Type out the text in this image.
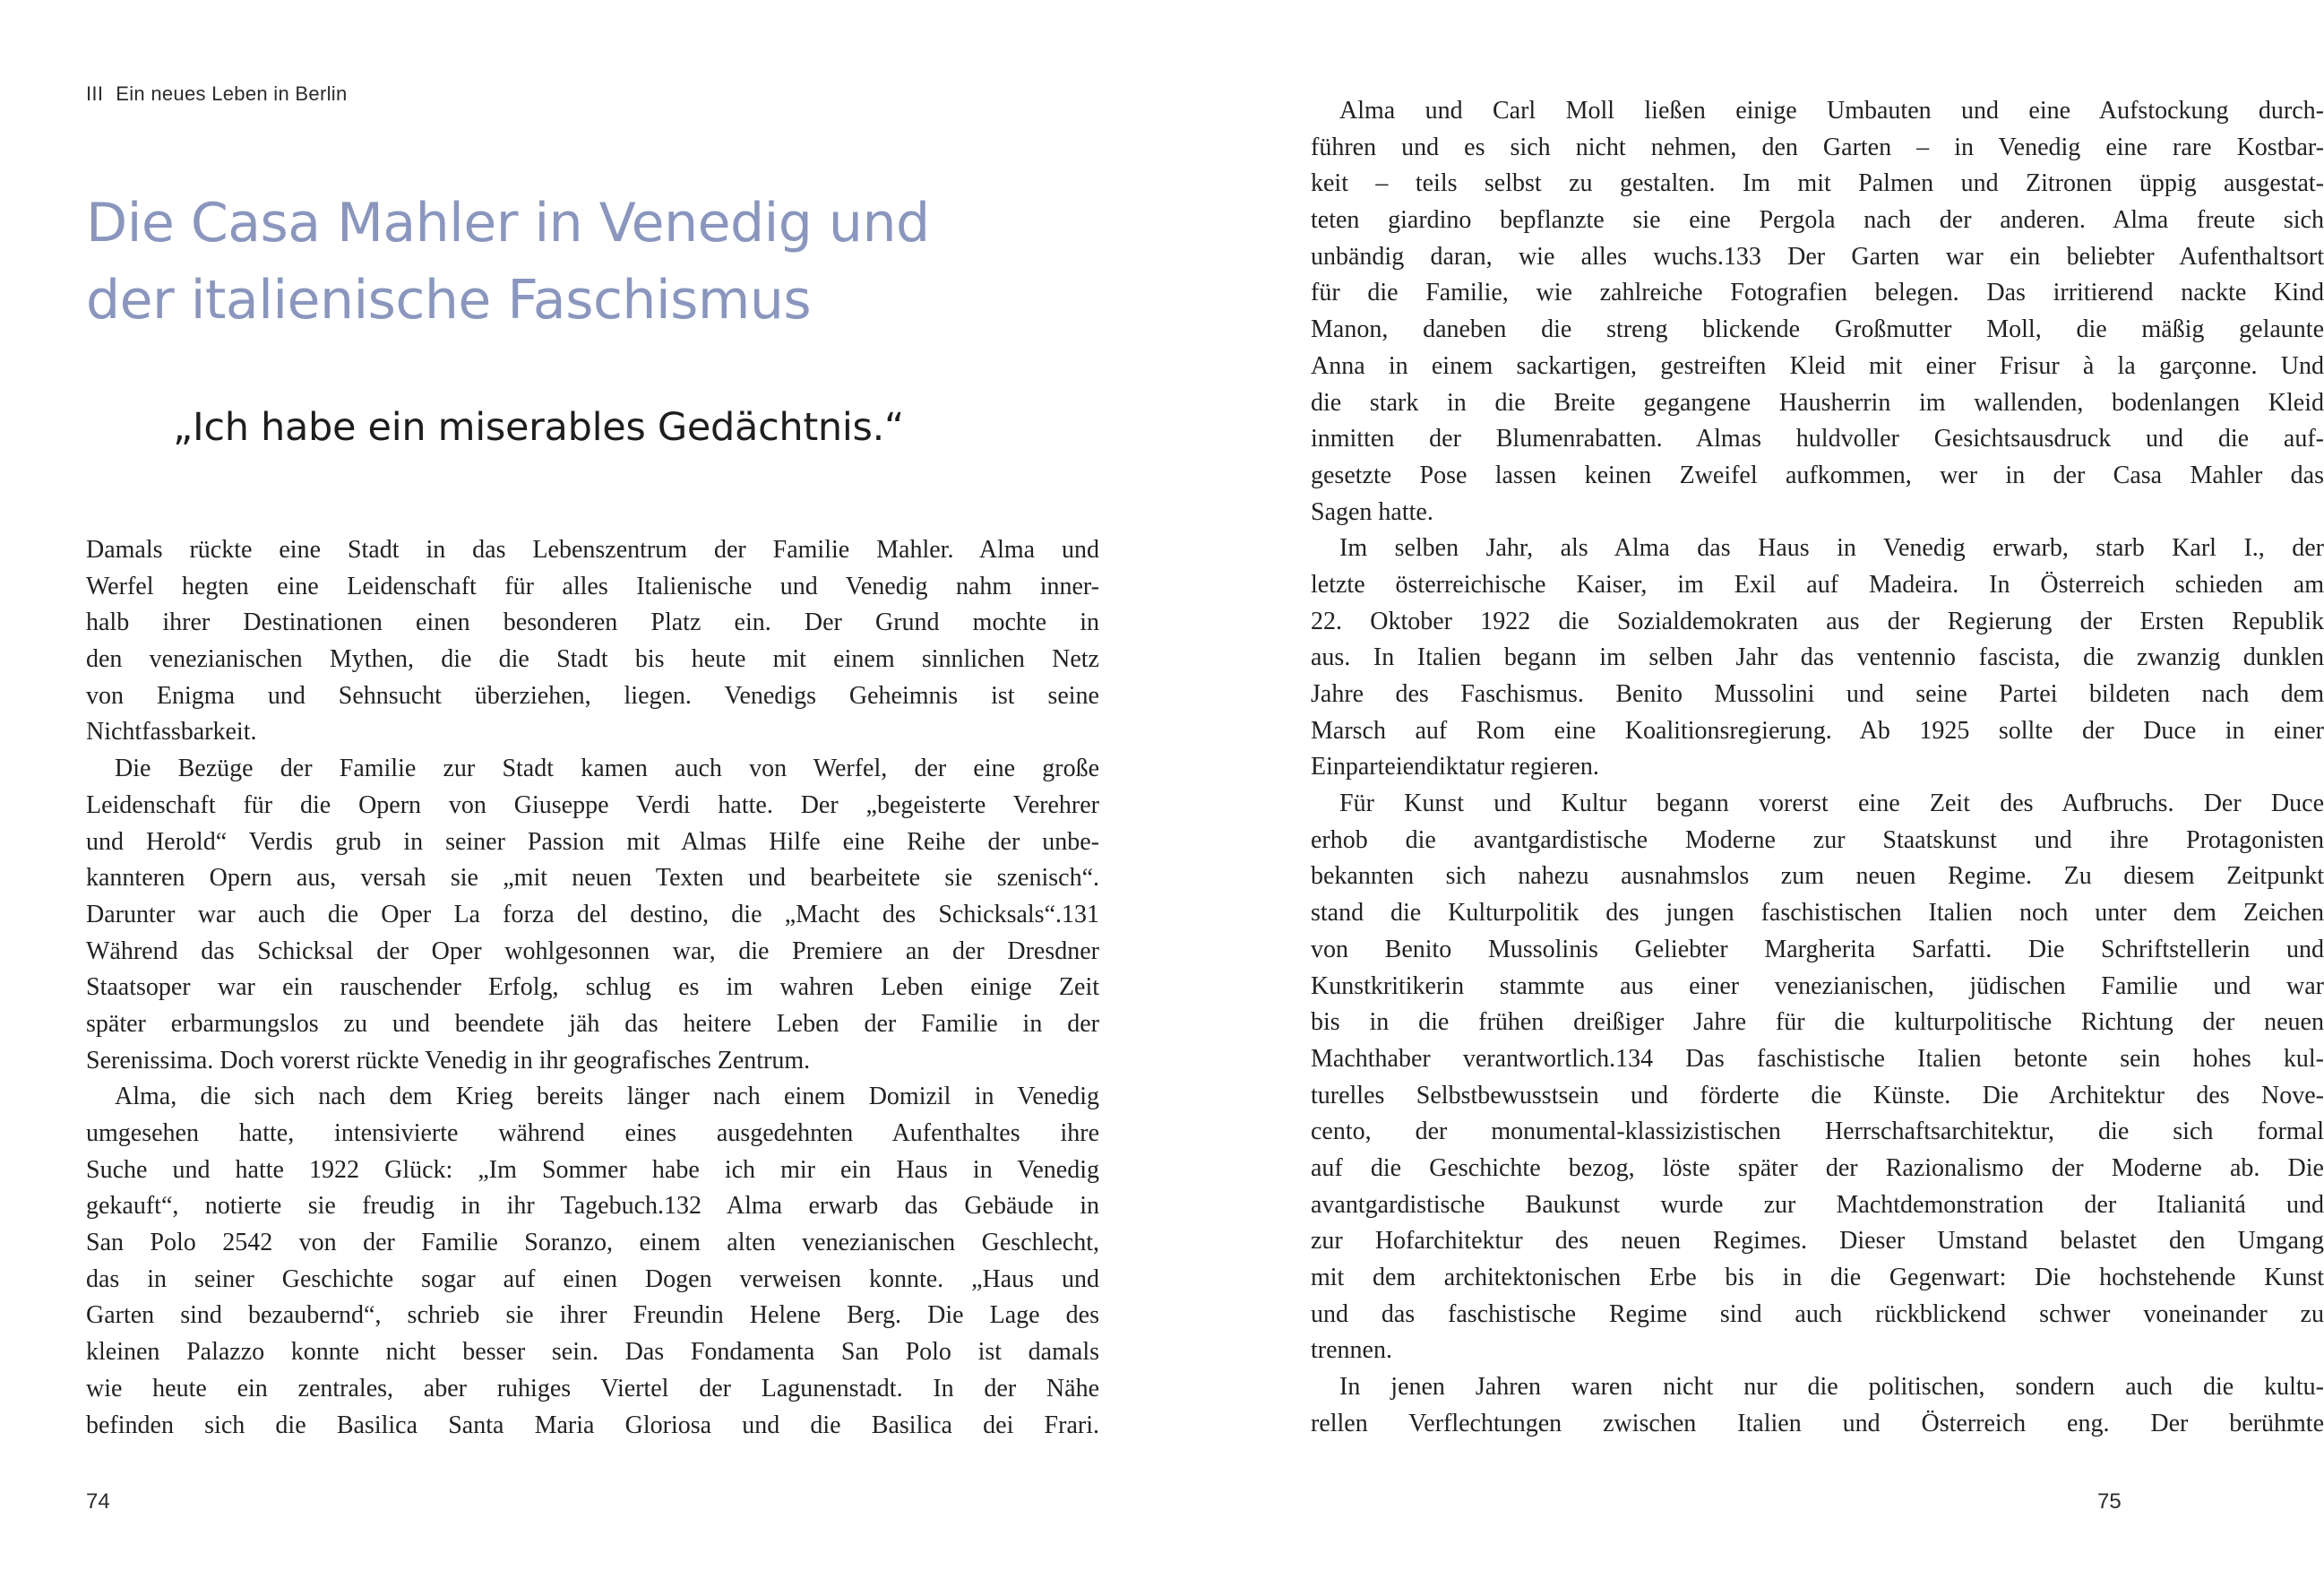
III Ein neues Leben in Berlin
Die Casa Mahler in Venedig und
der italienische Faschismus

„Ich habe ein miserables Gedächtnis.“

Damals rückte eine Stadt in das Lebenszentrum der Familie Mahler. Alma und
Werfel hegten eine Leidenschaft für alles Italienische und Venedig nahm inner-
halb ihrer Destinationen einen besonderen Platz ein. Der Grund mochte in
den venezianischen Mythen, die die Stadt bis heute mit einem sinnlichen Netz
von Enigma und Sehnsucht überziehen, liegen. Venedigs Geheimnis ist seine
Nichtfassbarkeit.
Die Bezüge der Familie zur Stadt kamen auch von Werfel, der eine große
Leidenschaft für die Opern von Giuseppe Verdi hatte. Der „begeisterte Verehrer
und Herold“ Verdis grub in seiner Passion mit Almas Hilfe eine Reihe der unbe-
kannteren Opern aus, versah sie „mit neuen Texten und bearbeitete sie szenisch“.
Darunter war auch die Oper La forza del destino, die „Macht des Schicksals“.131
Während das Schicksal der Oper wohlgesonnen war, die Premiere an der Dresdner
Staatsoper war ein rauschender Erfolg, schlug es im wahren Leben einige Zeit
später erbarmungslos zu und beendete jäh das heitere Leben der Familie in der
Serenissima. Doch vorerst rückte Venedig in ihr geografisches Zentrum.
Alma, die sich nach dem Krieg bereits länger nach einem Domizil in Venedig
umgesehen hatte, intensivierte während eines ausgedehnten Aufenthaltes ihre
Suche und hatte 1922 Glück: „Im Sommer habe ich mir ein Haus in Venedig
gekauft“, notierte sie freudig in ihr Tagebuch.132 Alma erwarb das Gebäude in
San Polo 2542 von der Familie Soranzo, einem alten venezianischen Geschlecht,
das in seiner Geschichte sogar auf einen Dogen verweisen konnte. „Haus und
Garten sind bezaubernd“, schrieb sie ihrer Freundin Helene Berg. Die Lage des
kleinen Palazzo konnte nicht besser sein. Das Fondamenta San Polo ist damals
wie heute ein zentrales, aber ruhiges Viertel der Lagunenstadt. In der Nähe
befinden sich die Basilica Santa Maria Gloriosa und die Basilica dei Frari.
74
Alma und Carl Moll ließen einige Umbauten und eine Aufstockung durch-
führen und es sich nicht nehmen, den Garten – in Venedig eine rare Kostbar-
keit – teils selbst zu gestalten. Im mit Palmen und Zitronen üppig ausgestat-
teten giardino bepflanzte sie eine Pergola nach der anderen. Alma freute sich
unbändig daran, wie alles wuchs.133 Der Garten war ein beliebter Aufenthaltsort
für die Familie, wie zahlreiche Fotografien belegen. Das irritierend nackte Kind
Manon, daneben die streng blickende Großmutter Moll, die mäßig gelaunte
Anna in einem sackartigen, gestreiften Kleid mit einer Frisur à la garçonne. Und
die stark in die Breite gegangene Hausherrin im wallenden, bodenlangen Kleid
inmitten der Blumenrabatten. Almas huldvoller Gesichtsausdruck und die auf-
gesetzte Pose lassen keinen Zweifel aufkommen, wer in der Casa Mahler das
Sagen hatte.
Im selben Jahr, als Alma das Haus in Venedig erwarb, starb Karl I., der
letzte österreichische Kaiser, im Exil auf Madeira. In Österreich schieden am
22. Oktober 1922 die Sozialdemokraten aus der Regierung der Ersten Republik
aus. In Italien begann im selben Jahr das ventennio fascista, die zwanzig dunklen
Jahre des Faschismus. Benito Mussolini und seine Partei bildeten nach dem
Marsch auf Rom eine Koalitionsregierung. Ab 1925 sollte der Duce in einer
Einparteiendiktatur regieren.
Für Kunst und Kultur begann vorerst eine Zeit des Aufbruchs. Der Duce
erhob die avantgardistische Moderne zur Staatskunst und ihre Protagonisten
bekannten sich nahezu ausnahmslos zum neuen Regime. Zu diesem Zeitpunkt
stand die Kulturpolitik des jungen faschistischen Italien noch unter dem Zeichen
von Benito Mussolinis Geliebter Margherita Sarfatti. Die Schriftstellerin und
Kunstkritikerin stammte aus einer venezianischen, jüdischen Familie und war
bis in die frühen dreißiger Jahre für die kulturpolitische Richtung der neuen
Machthaber verantwortlich.134 Das faschistische Italien betonte sein hohes kul-
turelles Selbstbewusstsein und förderte die Künste. Die Architektur des Nove-
cento, der monumental-klassizistischen Herrschaftsarchitektur, die sich formal
auf die Geschichte bezog, löste später der Razionalismo der Moderne ab. Die
avantgardistische Baukunst wurde zur Machtdemonstration der Italianitá und
zur Hofarchitektur des neuen Regimes. Dieser Umstand belastet den Umgang
mit dem architektonischen Erbe bis in die Gegenwart: Die hochstehende Kunst
und das faschistische Regime sind auch rückblickend schwer voneinander zu
trennen.
In jenen Jahren waren nicht nur die politischen, sondern auch die kultu-
rellen Verflechtungen zwischen Italien und Österreich eng. Der berühmte
75
